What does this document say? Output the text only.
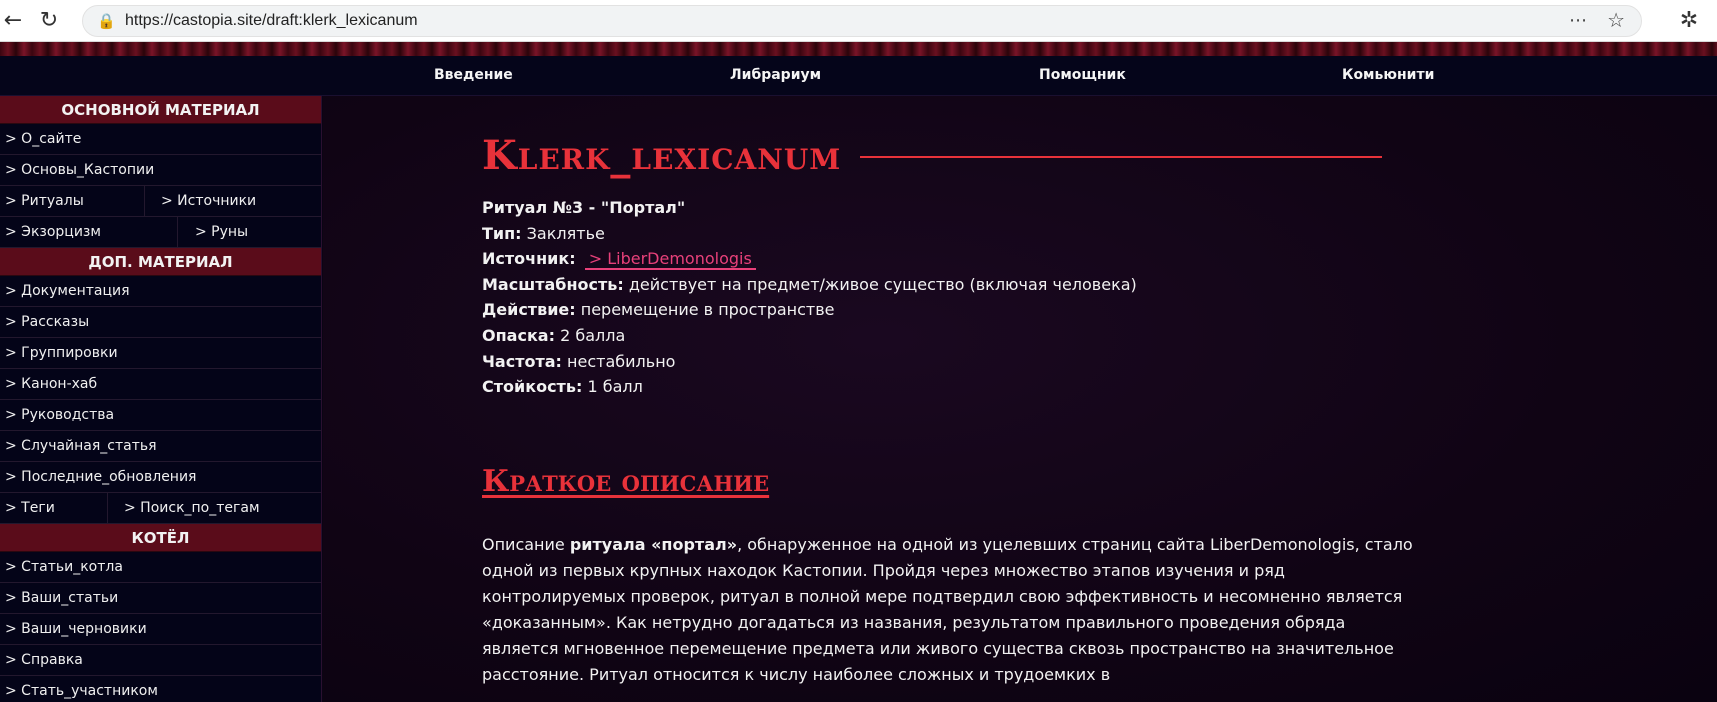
← ↻	🔒 https://castopia.site/draft:klerk_lexicanum	⋯ ☆ ✲
Введение	Либрариум	Помощник	Комьюнити
ОСНОВНОЙ МАТЕРИАЛ
> О_сайте
> Основы_Кастопии
> Ритуалы	> Источники
> Экзорцизм	> Руны
ДОП. МАТЕРИАЛ
> Документация
> Рассказы
> Группировки
> Канон-хаб
> Руководства
> Случайная_статья
> Последние_обновления
> Теги	> Поиск_по_тегам
КОТЁЛ
> Статьи_котла
> Ваши_статьи
> Ваши_черновики
> Справка
> Стать_участником
Klerk_lexicanum
Ритуал №3 - "Портал"
Тип: Заклятье
Источник: > LiberDemonologis
Масштабность: действует на предмет/живое существо (включая человека)
Действие: перемещение в пространстве
Опаска: 2 балла
Частота: нестабильно
Стойкость: 1 балл
Краткое описание

Описание ритуала «портал», обнаруженное на одной из уцелевших страниц сайта LiberDemonologis, стало одной из первых крупных находок Кастопии. Пройдя через множество этапов изучения и ряд контролируемых проверок, ритуал в полной мере подтвердил свою эффективность и несомненно является «доказанным». Как нетрудно догадаться из названия, результатом правильного проведения обряда является мгновенное перемещение предмета или живого существа сквозь пространство на значительное расстояние. Ритуал относится к числу наиболее сложных и трудоемких в
